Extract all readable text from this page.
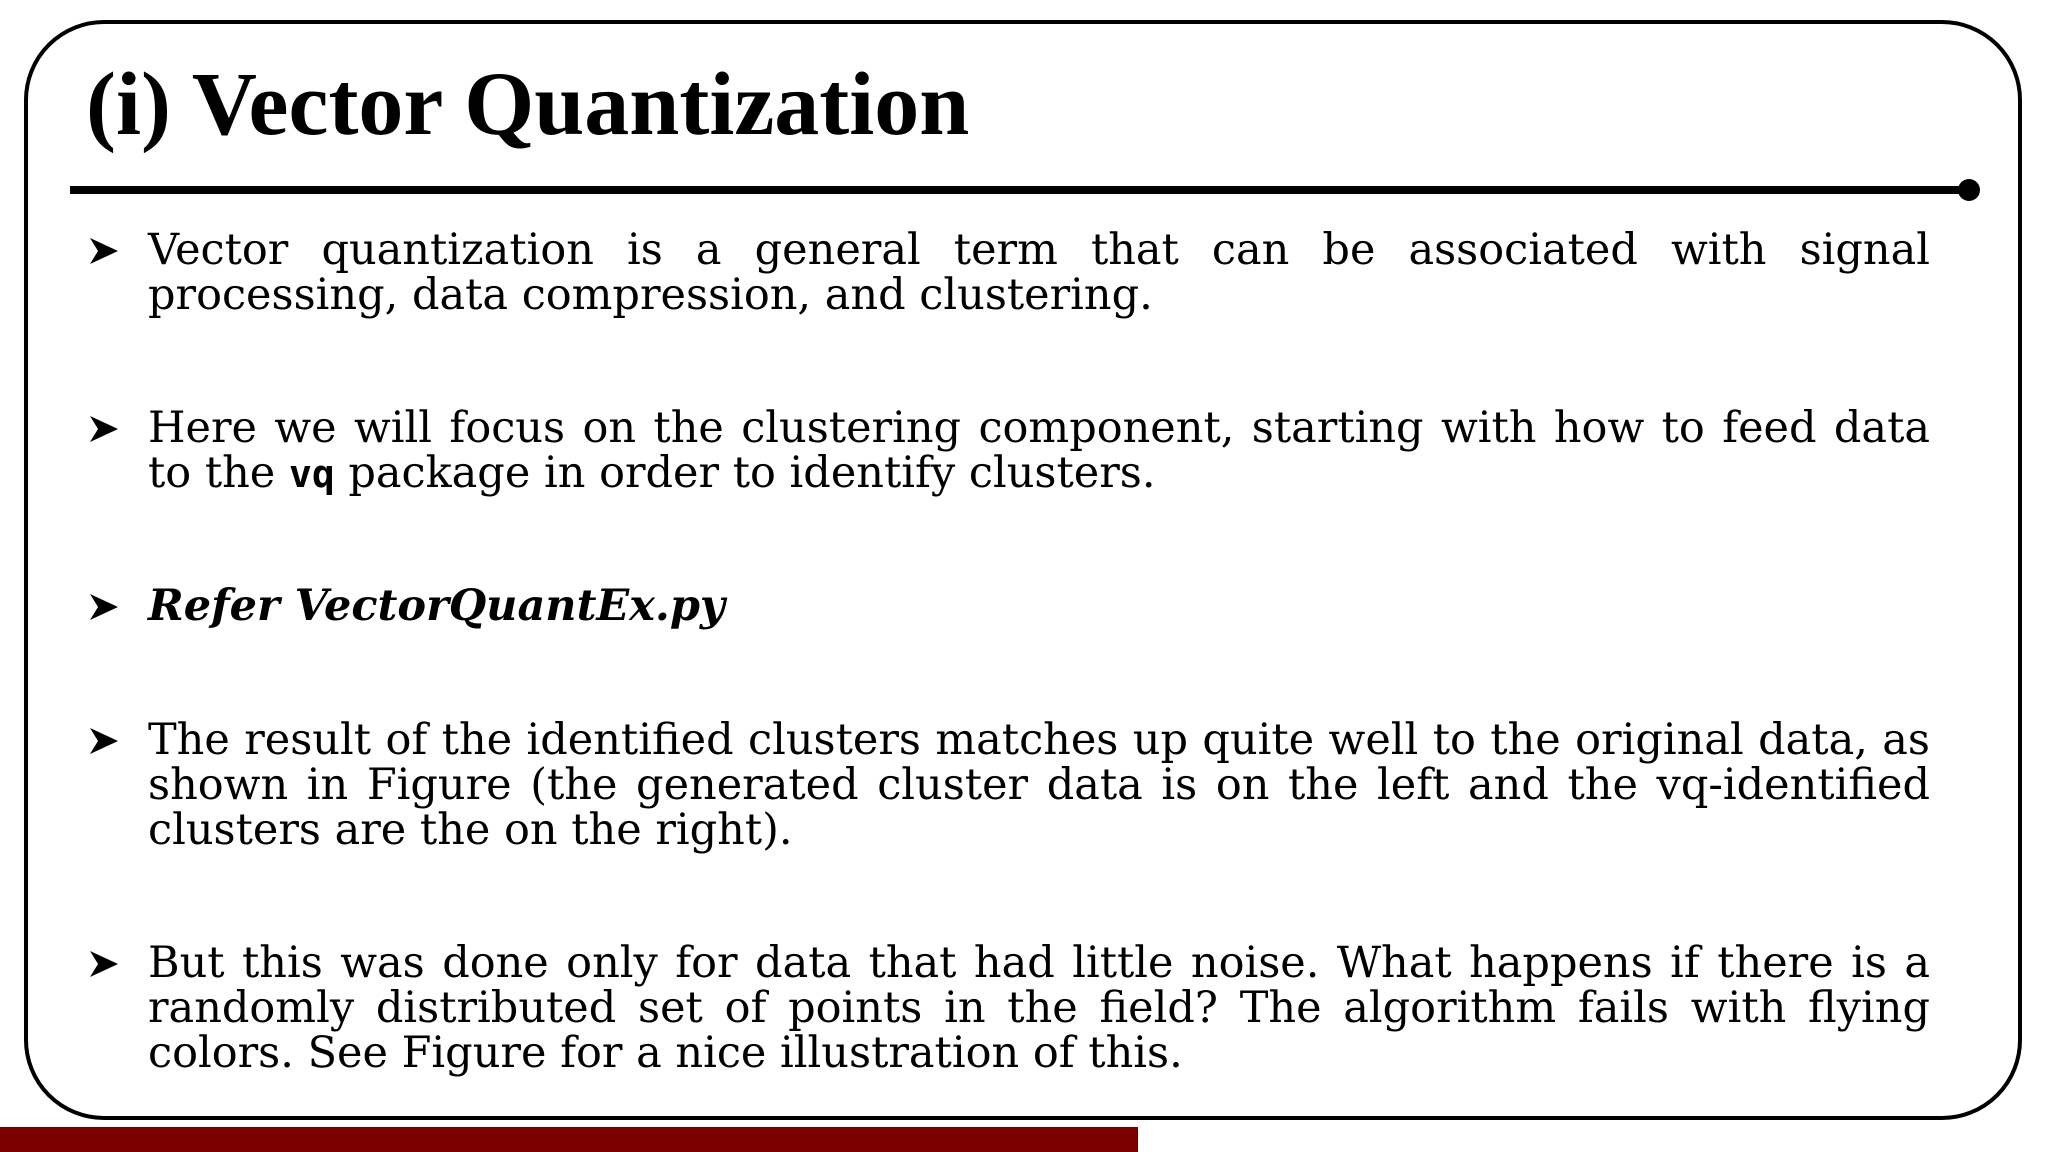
(i) Vector Quantization
Vector quantization is a general term that can be associated with signal processing, data compression, and clustering.
Here we will focus on the clustering component, starting with how to feed data to the vq package in order to identify clusters.
Refer VectorQuantEx.py
The result of the identified clusters matches up quite well to the original data, as shown in Figure (the generated cluster data is on the left and the vq-identified clusters are the on the right).
But this was done only for data that had little noise. What happens if there is a randomly distributed set of points in the field? The algorithm fails with flying colors. See Figure for a nice illustration of this.
